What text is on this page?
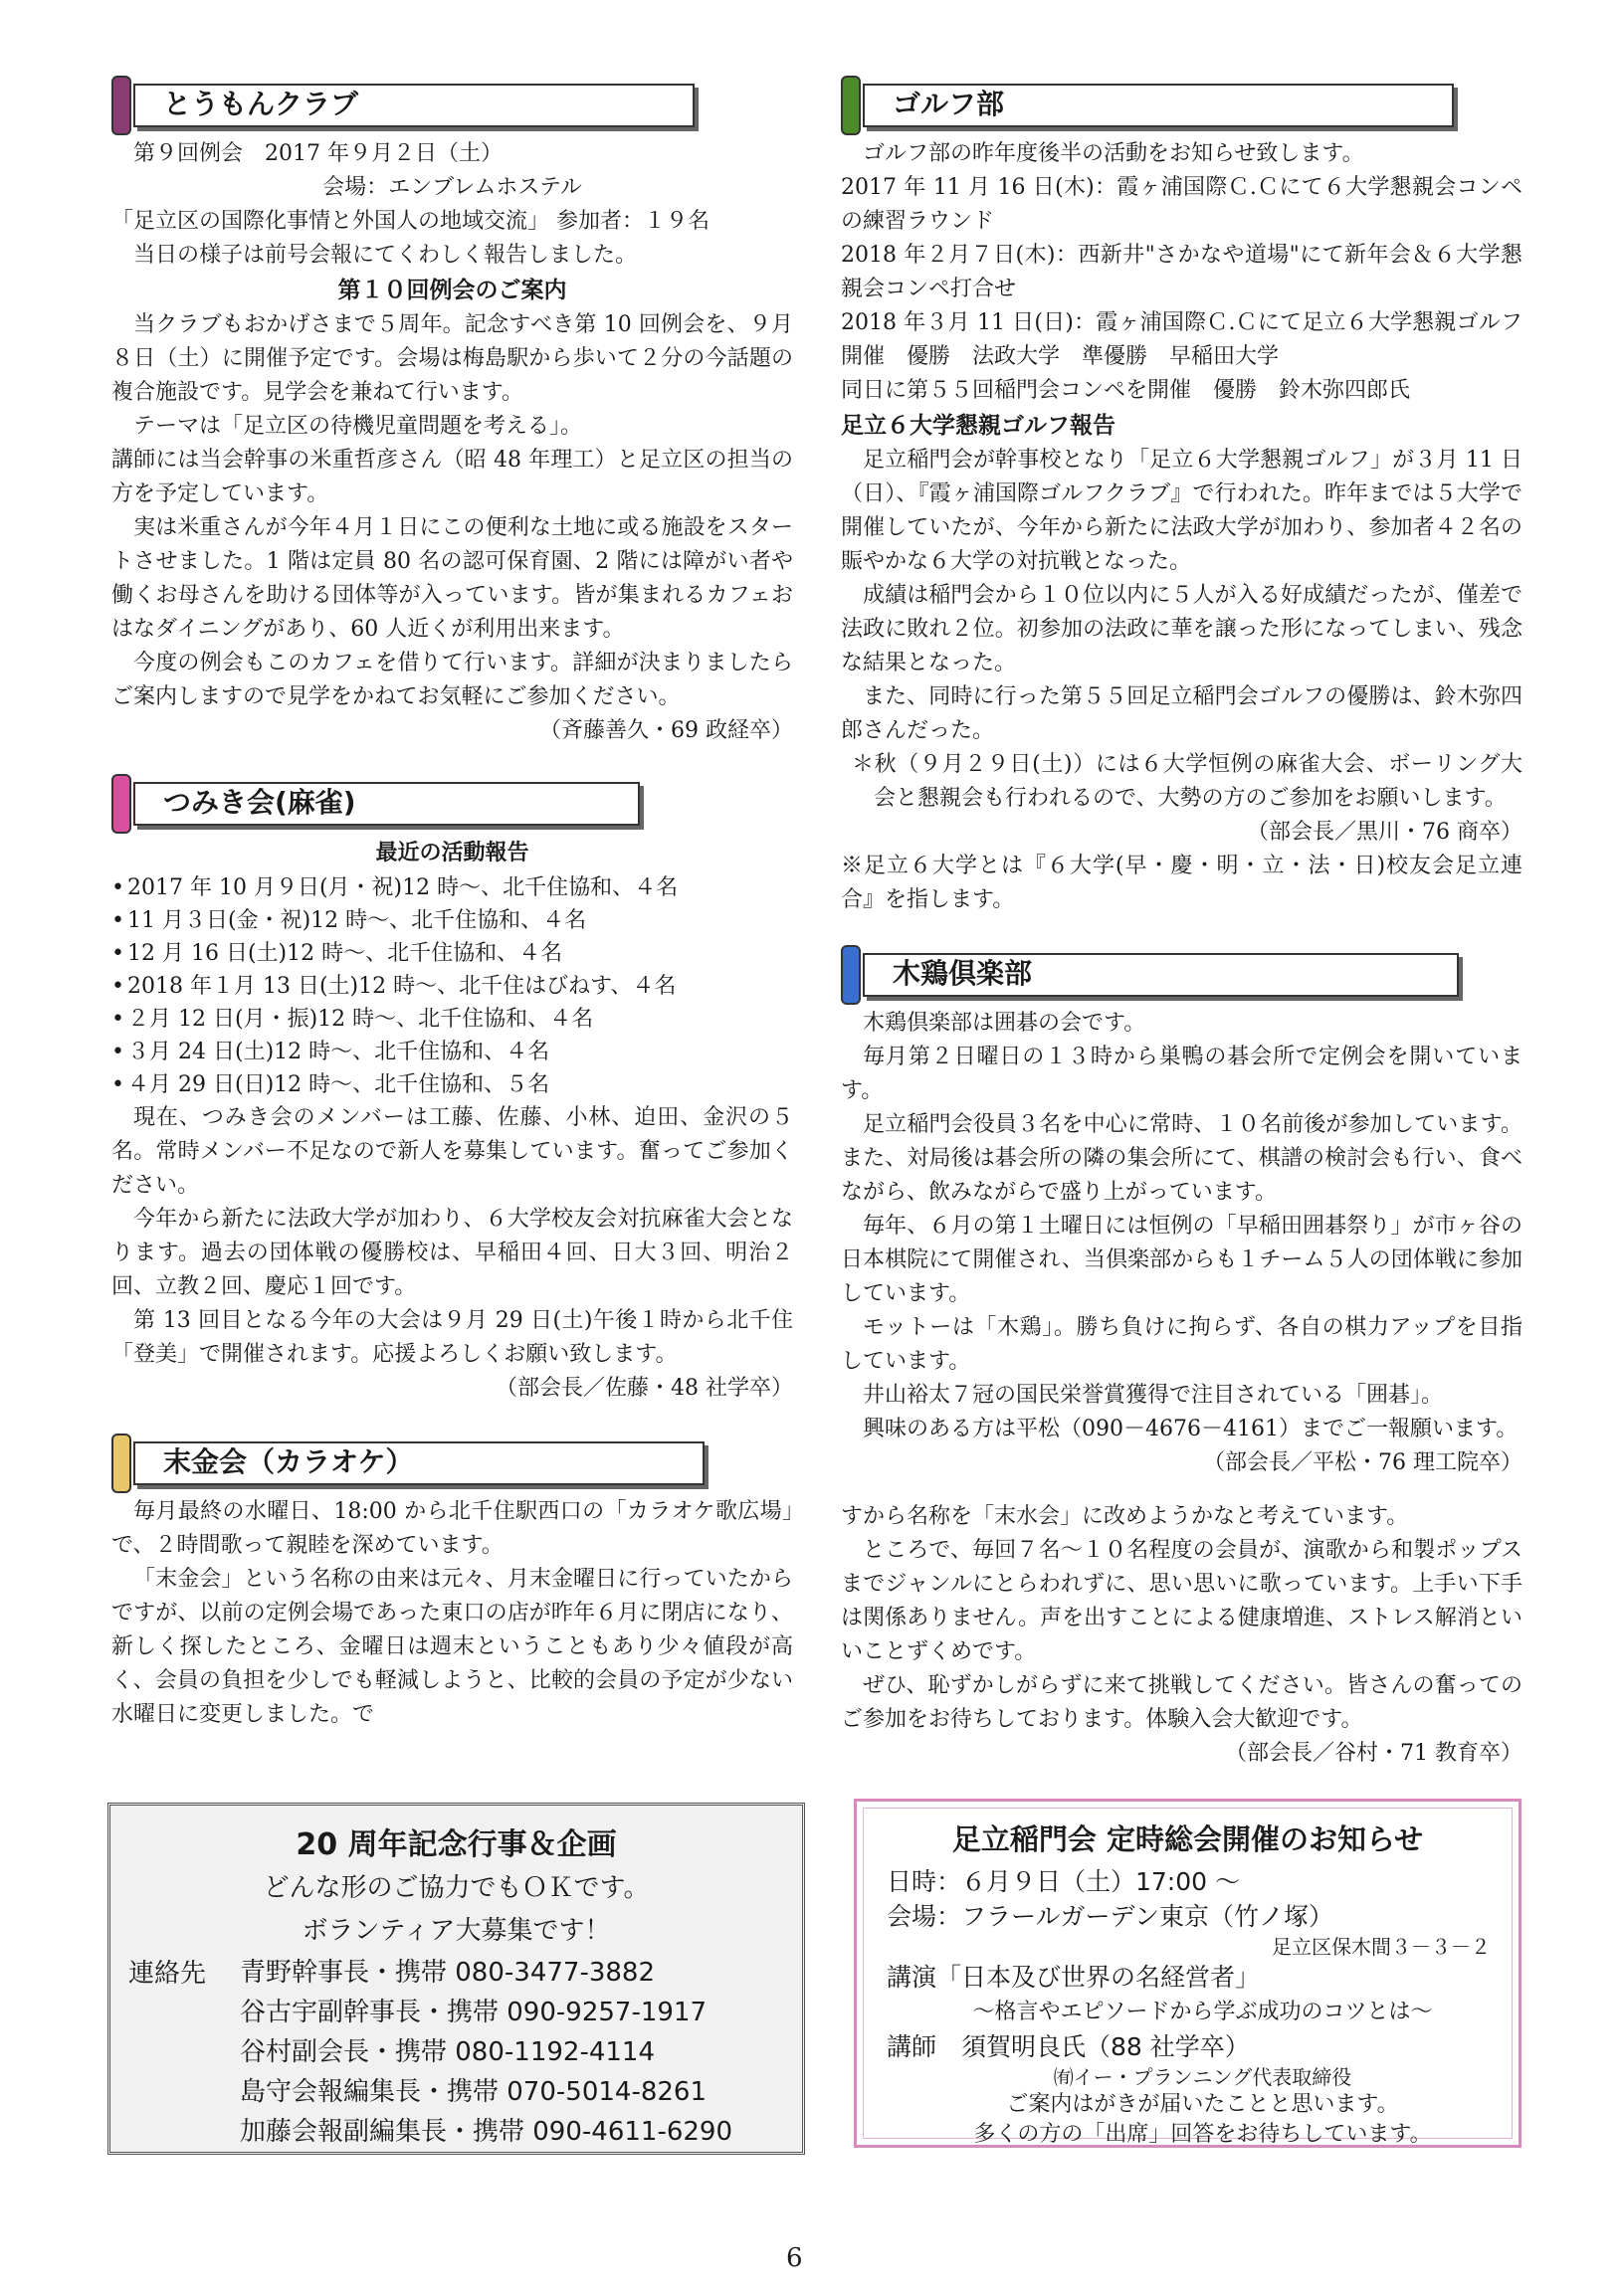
とうもんクラブ

第９回例会　2017 年９月２日（土）

会場：エンブレムホステル

「足立区の国際化事情と外国人の地域交流」 参加者：１９名

当日の様子は前号会報にてくわしく報告しました。

第１０回例会のご案内

当クラブもおかげさまで５周年。記念すべき第 10 回例会を、９月８日（土）に開催予定です。会場は梅島駅から歩いて２分の今話題の複合施設です。見学会を兼ねて行います。

テーマは「足立区の待機児童問題を考える」。

講師には当会幹事の米重哲彦さん（昭 48 年理工）と足立区の担当の方を予定しています。

実は米重さんが今年４月１日にこの便利な土地に或る施設をスタートさせました。1 階は定員 80 名の認可保育園、2 階には障がい者や働くお母さんを助ける団体等が入っています。皆が集まれるカフェおはなダイニングがあり、60 人近くが利用出来ます。

今度の例会もこのカフェを借りて行います。詳細が決まりましたらご案内しますので見学をかねてお気軽にご参加ください。

（斉藤善久・69 政経卒）

つみき会(麻雀)

最近の活動報告

• 2017 年 10 月９日(月・祝)12 時～、北千住協和、４名
• 11 月３日(金・祝)12 時～、北千住協和、４名
• 12 月 16 日(土)12 時～、北千住協和、４名
• 2018 年１月 13 日(土)12 時～、北千住はびねす、４名
• ２月 12 日(月・振)12 時～、北千住協和、４名
• ３月 24 日(土)12 時～、北千住協和、４名
• ４月 29 日(日)12 時～、北千住協和、５名

現在、つみき会のメンバーは工藤、佐藤、小林、迫田、金沢の５名。常時メンバー不足なので新人を募集しています。奮ってご参加ください。

今年から新たに法政大学が加わり、６大学校友会対抗麻雀大会となります。過去の団体戦の優勝校は、早稲田４回、日大３回、明治２回、立教２回、慶応１回です。

第 13 回目となる今年の大会は９月 29 日(土)午後１時から北千住「登美」で開催されます。応援よろしくお願い致します。

（部会長／佐藤・48 社学卒）

末金会（カラオケ）

毎月最終の水曜日、18:00 から北千住駅西口の「カラオケ歌広場」で、２時間歌って親睦を深めています。

「末金会」という名称の由来は元々、月末金曜日に行っていたからですが、以前の定例会場であった東口の店が昨年６月に閉店になり、新しく探したところ、金曜日は週末ということもあり少々値段が高く、会員の負担を少しでも軽減しようと、比較的会員の予定が少ない水曜日に変更しました。で

20 周年記念行事＆企画
どんな形のご協力でもＯＫです。
ボランティア大募集です！
連絡先 青野幹事長・携帯 080-3477-3882
谷古宇副幹事長・携帯 090-9257-1917
谷村副会長・携帯 080-1192-4114
島守会報編集長・携帯 070-5014-8261
加藤会報副編集長・携帯 090-4611-6290
ゴルフ部

ゴルフ部の昨年度後半の活動をお知らせ致します。

2017 年 11 月 16 日(木)：霞ヶ浦国際Ｃ.Ｃにて６大学懇親会コンペの練習ラウンド

2018 年２月７日(木)：西新井"さかなや道場"にて新年会＆６大学懇親会コンペ打合せ

2018 年３月 11 日(日)：霞ヶ浦国際Ｃ.Ｃにて足立６大学懇親ゴルフ開催　優勝　法政大学　準優勝　早稲田大学

同日に第５５回稲門会コンペを開催　優勝　鈴木弥四郎氏

足立６大学懇親ゴルフ報告

足立稲門会が幹事校となり「足立６大学懇親ゴルフ」が３月 11 日（日）、『霞ヶ浦国際ゴルフクラブ』で行われた。昨年までは５大学で開催していたが、今年から新たに法政大学が加わり、参加者４２名の賑やかな６大学の対抗戦となった。

成績は稲門会から１０位以内に５人が入る好成績だったが、僅差で法政に敗れ２位。初参加の法政に華を譲った形になってしまい、残念な結果となった。

また、同時に行った第５５回足立稲門会ゴルフの優勝は、鈴木弥四郎さんだった。

＊秋（９月２９日(土)）には６大学恒例の麻雀大会、ボーリング大会と懇親会も行われるので、大勢の方のご参加をお願いします。

（部会長／黒川・76 商卒）

※足立６大学とは『６大学(早・慶・明・立・法・日)校友会足立連合』を指します。

木鶏倶楽部

木鶏倶楽部は囲碁の会です。

毎月第２日曜日の１３時から巣鴨の碁会所で定例会を開いています。

足立稲門会役員３名を中心に常時、１０名前後が参加しています。また、対局後は碁会所の隣の集会所にて、棋譜の検討会も行い、食べながら、飲みながらで盛り上がっています。

毎年、６月の第１土曜日には恒例の「早稲田囲碁祭り」が市ヶ谷の日本棋院にて開催され、当倶楽部からも１チーム５人の団体戦に参加しています。

モットーは「木鶏」。勝ち負けに拘らず、各自の棋力アップを目指しています。

井山裕太７冠の国民栄誉賞獲得で注目されている「囲碁」。

興味のある方は平松（090－4676－4161）までご一報願います。

（部会長／平松・76 理工院卒）

すから名称を「末水会」に改めようかなと考えています。

ところで、毎回７名～１０名程度の会員が、演歌から和製ポップスまでジャンルにとらわれずに、思い思いに歌っています。上手い下手は関係ありません。声を出すことによる健康増進、ストレス解消といいことずくめです。

ぜひ、恥ずかしがらずに来て挑戦してください。皆さんの奮ってのご参加をお待ちしております。体験入会大歓迎です。

（部会長／谷村・71 教育卒）

足立稲門会 定時総会開催のお知らせ
日時：６月９日（土）17:00 ～
会場：フラールガーデン東京（竹ノ塚）
足立区保木間３－３－２
講演「日本及び世界の名経営者」
～格言やエピソードから学ぶ成功のコツとは～
講師　須賀明良氏（88 社学卒）
㈲イー・プランニング代表取締役
ご案内はがきが届いたことと思います。
多くの方の「出席」回答をお待ちしています。
6
